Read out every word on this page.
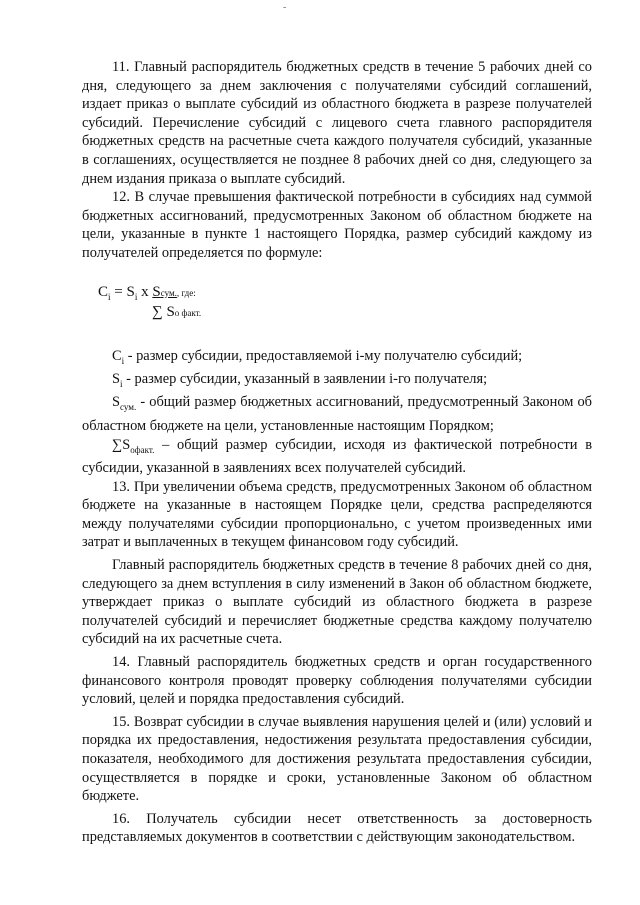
-

11. Главный распорядитель бюджетных средств в течение 5 рабочих дней со дня, следующего за днем заключения с получателями субсидий соглашений, издает приказ о выплате субсидий из областного бюджета в разрезе получателей субсидий. Перечисление субсидий с лицевого счета главного распорядителя бюджетных средств на расчетные счета каждого получателя субсидий, указанные в соглашениях, осуществляется не позднее 8 рабочих дней со дня, следующего за днем издания приказа о выплате субсидий.

12. В случае превышения фактической потребности в субсидиях над суммой бюджетных ассигнований, предусмотренных Законом об областном бюджете на цели, указанные в пункте 1 настоящего Порядка, размер субсидий каждому из получателей определяется по формуле:

$C_i = S_i$ x Sсум., где:
∑ Sо факт.

$C_i$ - размер субсидии, предоставляемой i-му получателю субсидий;

$S_i$ - размер субсидии, указанный в заявлении i-го получателя;

$S_{сум.}$ - общий размер бюджетных ассигнований, предусмотренный Законом об областном бюджете на цели, установленные настоящим Порядком;

$\sum S_{офакт.}$ – общий размер субсидии, исходя из фактической потребности в субсидии, указанной в заявлениях всех получателей субсидий.

13. При увеличении объема средств, предусмотренных Законом об областном бюджете на указанные в настоящем Порядке цели, средства распределяются между получателями субсидии пропорционально, с учетом произведенных ими затрат и выплаченных в текущем финансовом году субсидий.

Главный распорядитель бюджетных средств в течение 8 рабочих дней со дня, следующего за днем вступления в силу изменений в Закон об областном бюджете, утверждает приказ о выплате субсидий из областного бюджета в разрезе получателей субсидий и перечисляет бюджетные средства каждому получателю субсидий на их расчетные счета.

14. Главный распорядитель бюджетных средств и орган государственного финансового контроля проводят проверку соблюдения получателями субсидии условий, целей и порядка предоставления субсидий.

15. Возврат субсидии в случае выявления нарушения целей и (или) условий и порядка их предоставления, недостижения результата предоставления субсидии, показателя, необходимого для достижения результата предоставления субсидии, осуществляется в порядке и сроки, установленные Законом об областном бюджете.

16. Получатель субсидии несет ответственность за достоверность представляемых документов в соответствии с действующим законодательством.
